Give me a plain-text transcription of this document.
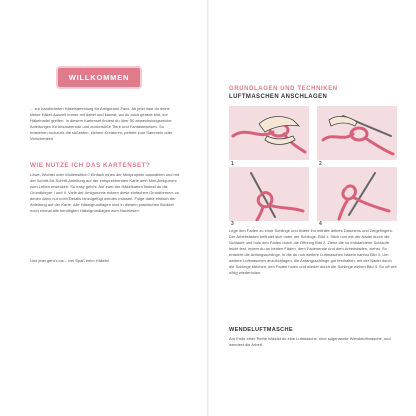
WILLKOMMEN

... zur handlichsten Häkelsammlung für Amigurumi-Fans. Ab jetzt hast du deine kleine Häkel-Auszeit immer mit dabei und kannst, wo du auch gerade bist, zur Häkelnadel greifen. In diesem Kartenset findest du über 50 abwechslungsreiche Anleitungen für bezaubernde und zuckersüße Tiere und Fantasiewesen. So entstehen ruckzuck die süßesten, kleinen Kreaturen, perfekt zum Sammeln oder Verschenken.

WIE NUTZE ICH DAS KARTENSET?

Löwe, Wichtel oder Wollensittich? Einfach eines der Miniprojekte auswählen und mit der Schritt-für-Schritt-Anleitung auf der entsprechenden Karte dein Mini-Amigurumi zum Leben erwecken. So easy geht's: Auf zwei der Häkelkarten findest du die Grundkörper I und II. Viele der Amigurumis nutzen diese einfachen Grundformen, zu denen dann nur noch Details hinzugefügt werden müssen. Folge dafür einfach der Anleitung auf der Karte. Alle Häkelgrundlagen sind in diesem praktischen Booklet noch einmal alle benötigten Häkelgrundlagen zum Nachlesen.

Und jetzt geht's los – viel Spaß beim Häkeln!

GRUNDLAGEN UND TECHNIKEN
LUFTMASCHEN ANSCHLAGEN
1	2
3	4

Lege den Faden zu einer Schlinge und fixiere ihn mithilfe deines Daumens und Zeigefingers. Der Arbeitsfaden befindet sich unter der Schlinge. Bild 1. Stich nun mit der Nadel durch die Schlaufe und hole den Faden durch die Öffnung Bild 2. Ziehe die so entstandene Schlaufe leicht fest, indem du an beiden Fäden, dem Fadenende und dem Arbeitsfaden, ziehst. So entsteht die Anfangsschlinge, in die du nun weitere Luftmaschen häkeln kannst Bild 3. Um weitere Luftmaschen anzuschlagen, die Anfangsschlinge gut festhalten, mit der Nadel durch die Schlinge stechen, den Faden holen und wieder durch die Schlinge ziehen Bild 4. So oft wie nötig wiederholen.

WENDELUFTMASCHE

Am Ende einer Reihe häkelst du eine Luftmasche, eine sogenannte Wendeluftmasche, und wendest die Arbeit.
